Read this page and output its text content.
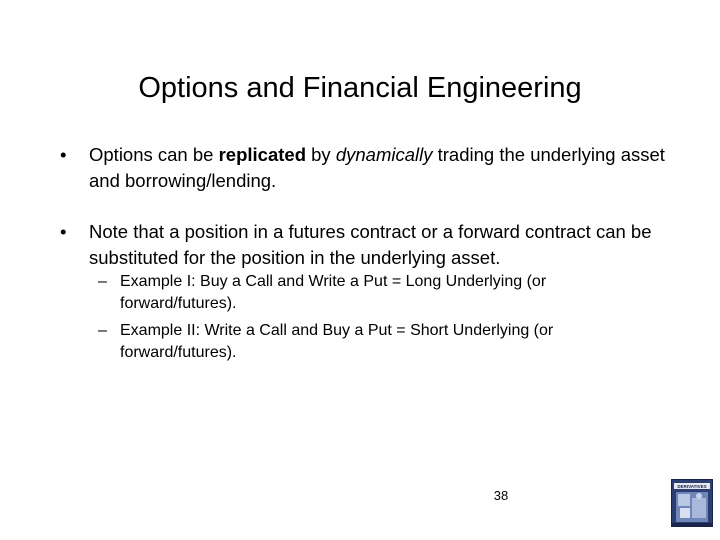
Options and Financial Engineering
• Options can be replicated by dynamically trading the underlying asset and borrowing/lending.
• Note that a position in a futures contract or a forward contract can be substituted for the position in the underlying asset.
– Example I: Buy a Call and Write a Put = Long Underlying (or forward/futures).
– Example II: Write a Call and Buy a Put = Short Underlying (or forward/futures).
38
DERIVATIVES
